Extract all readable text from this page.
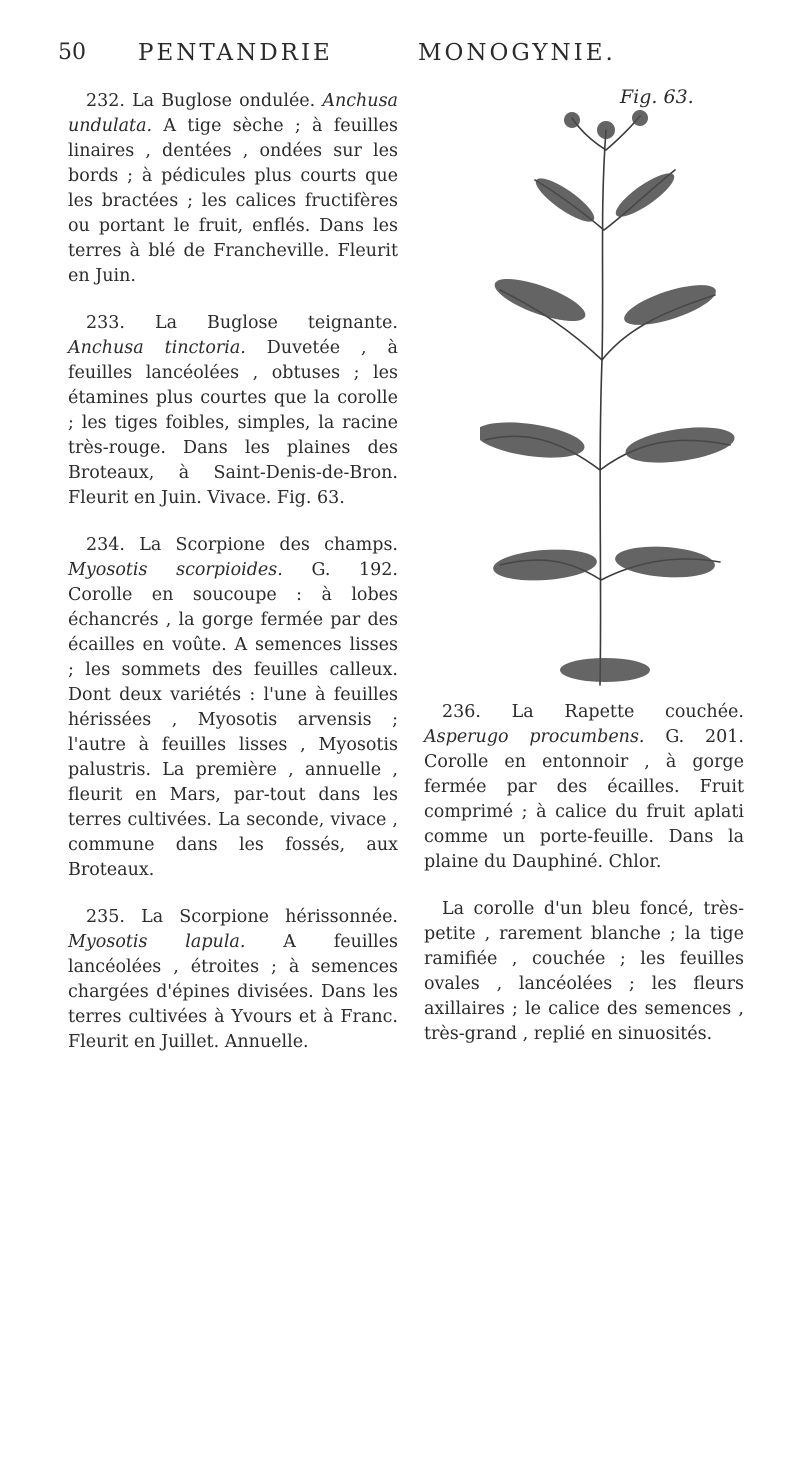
50 PENTANDRIE	MONOGYNIE.

232. La Buglose ondulée. Anchusa undulata. A tige sèche ; à feuilles linaires , dentées , ondées sur les bords ; à pédicules plus courts que les bractées ; les calices fructifères ou portant le fruit, enflés. Dans les terres à blé de Francheville. Fleurit en Juin.

233. La Buglose teignante. Anchusa tinctoria. Duvetée , à feuilles lancéolées , obtuses ; les étamines plus courtes que la corolle ; les tiges foibles, simples, la racine très-rouge. Dans les plaines des Broteaux, à Saint-Denis-de-Bron. Fleurit en Juin. Vivace. Fig. 63.

234. La Scorpione des champs. Myosotis scorpioides. G. 192. Corolle en soucoupe : à lobes échancrés , la gorge fermée par des écailles en voûte. A semences lisses ; les sommets des feuilles calleux. Dont deux variétés : l'une à feuilles hérissées , Myosotis arvensis ; l'autre à feuilles lisses , Myosotis palustris. La première , annuelle , fleurit en Mars, par-tout dans les terres cultivées. La seconde, vivace , commune dans les fossés, aux Broteaux.

235. La Scorpione hérissonnée. Myosotis lapula. A feuilles lancéolées , étroites ; à semences chargées d'épines divisées. Dans les terres cultivées à Yvours et à Franc. Fleurit en Juillet. Annuelle.

Fig. 63.

236. La Rapette couchée. Asperugo procumbens. G. 201. Corolle en entonnoir , à gorge fermée par des écailles. Fruit comprimé ; à calice du fruit aplati comme un porte-feuille. Dans la plaine du Dauphiné. Chlor.

La corolle d'un bleu foncé, très-petite , rarement blanche ; la tige ramifiée , couchée ; les feuilles ovales , lancéolées ; les fleurs axillaires ; le calice des semences , très-grand , replié en sinuosités.
